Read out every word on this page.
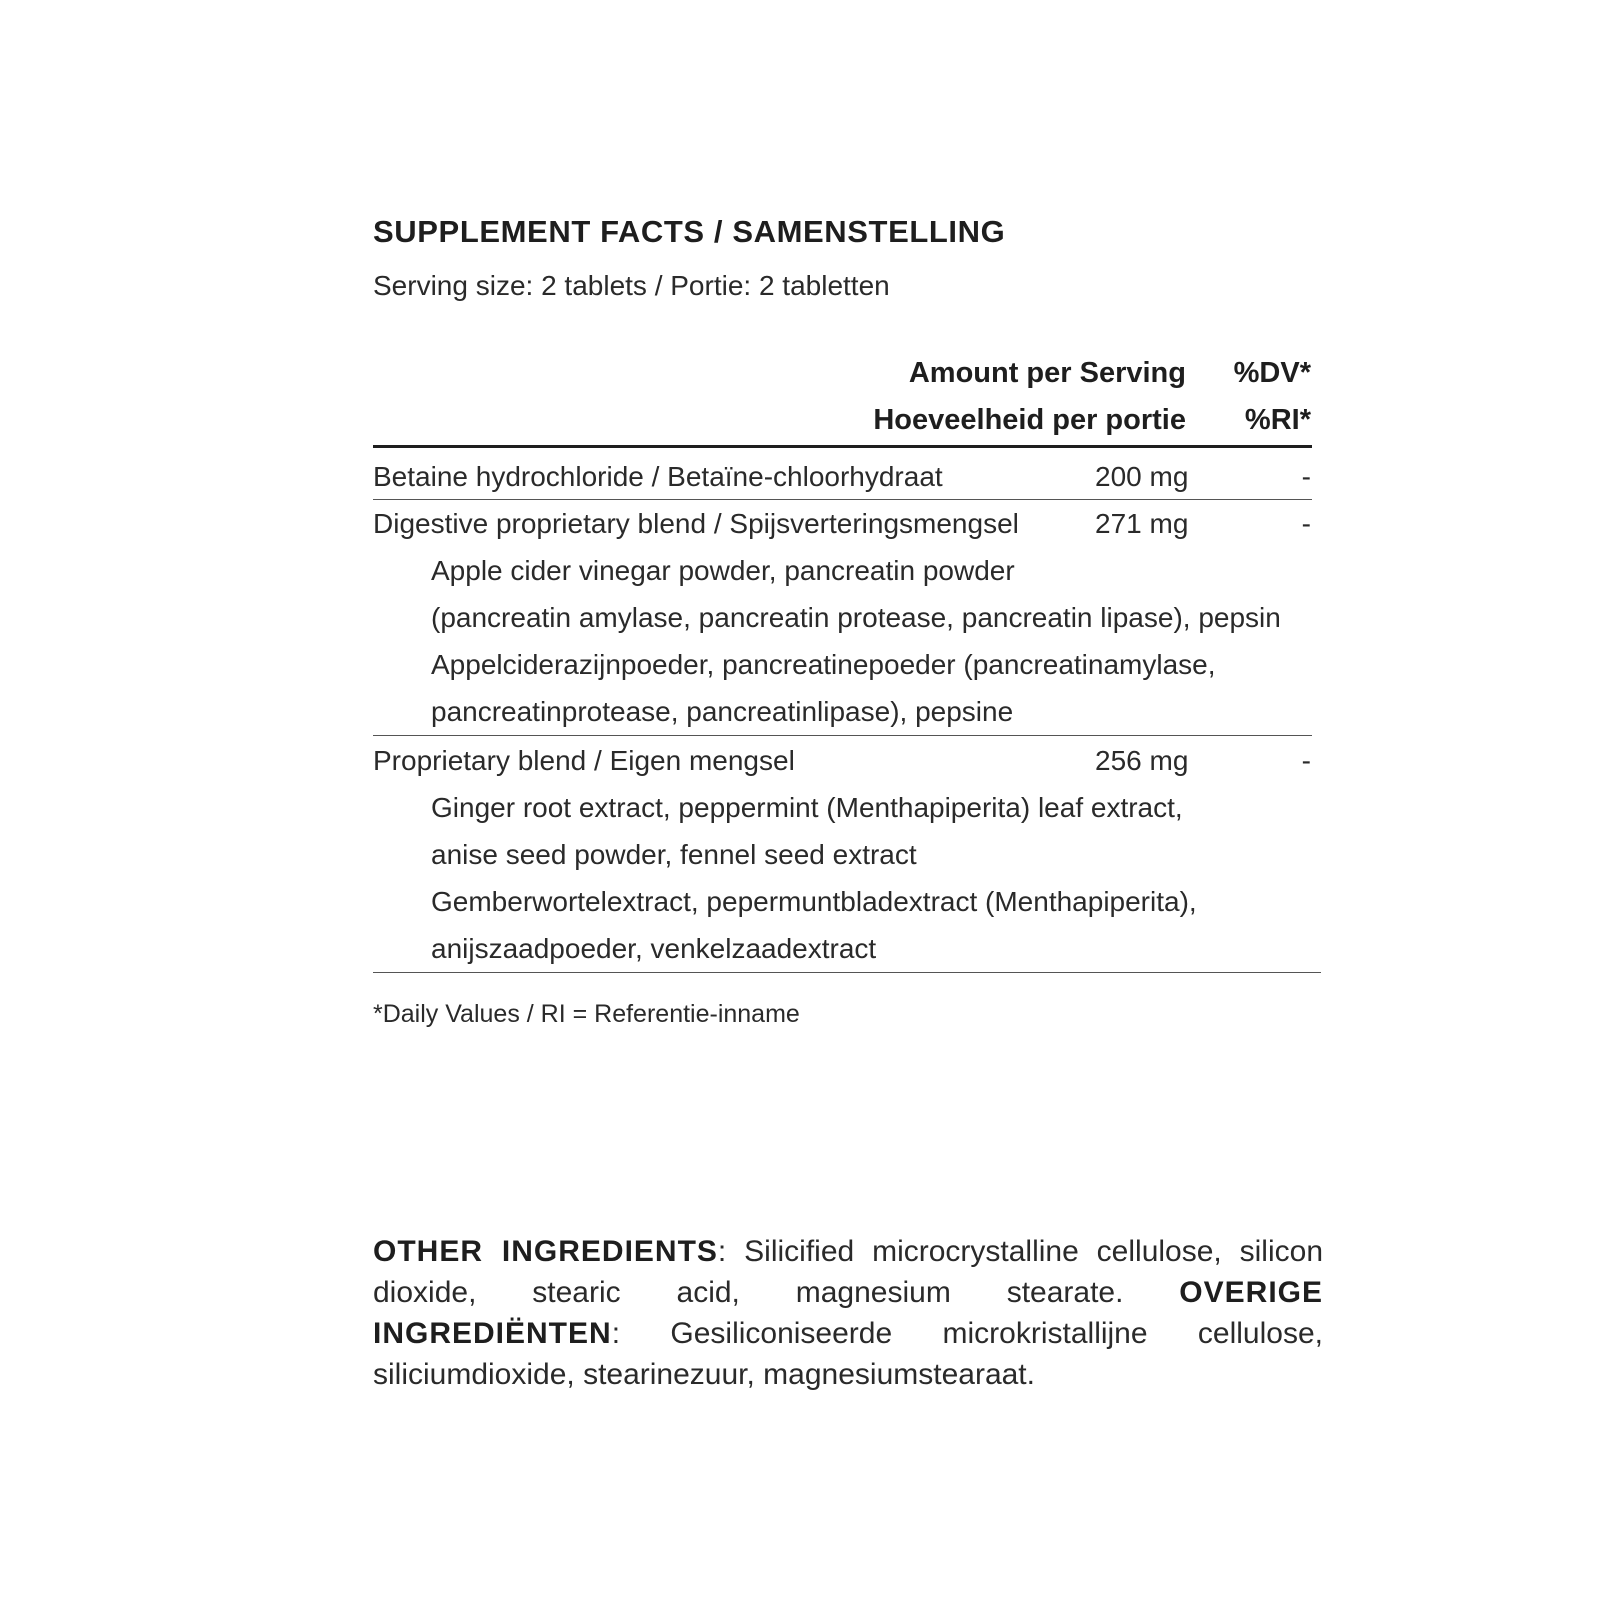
SUPPLEMENT FACTS / SAMENSTELLING
Serving size: 2 tablets / Portie: 2 tabletten
Amount per Serving %DV*
Hoeveelheid per portie %RI*
Betaine hydrochloride / Betaïne-chloorhydraat	200 mg	-
Digestive proprietary blend / Spijsverteringsmengsel	271 mg	-
Apple cider vinegar powder, pancreatin powder
(pancreatin amylase, pancreatin protease, pancreatin lipase), pepsin
Appelciderazijnpoeder, pancreatinepoeder (pancreatinamylase,
pancreatinprotease, pancreatinlipase), pepsine
Proprietary blend / Eigen mengsel	256 mg	-
Ginger root extract, peppermint (Menthapiperita) leaf extract,
anise seed powder, fennel seed extract
Gemberwortelextract, pepermuntbladextract (Menthapiperita),
anijszaadpoeder, venkelzaadextract
*Daily Values / RI = Referentie-inname
OTHER INGREDIENTS: Silicified microcrystalline cellulose, silicon dioxide, stearic acid, magnesium stearate. OVERIGE INGREDIËNTEN: Gesiliconiseerde microkristallijne cellulose, siliciumdioxide, stearinezuur, magnesiumstearaat.
